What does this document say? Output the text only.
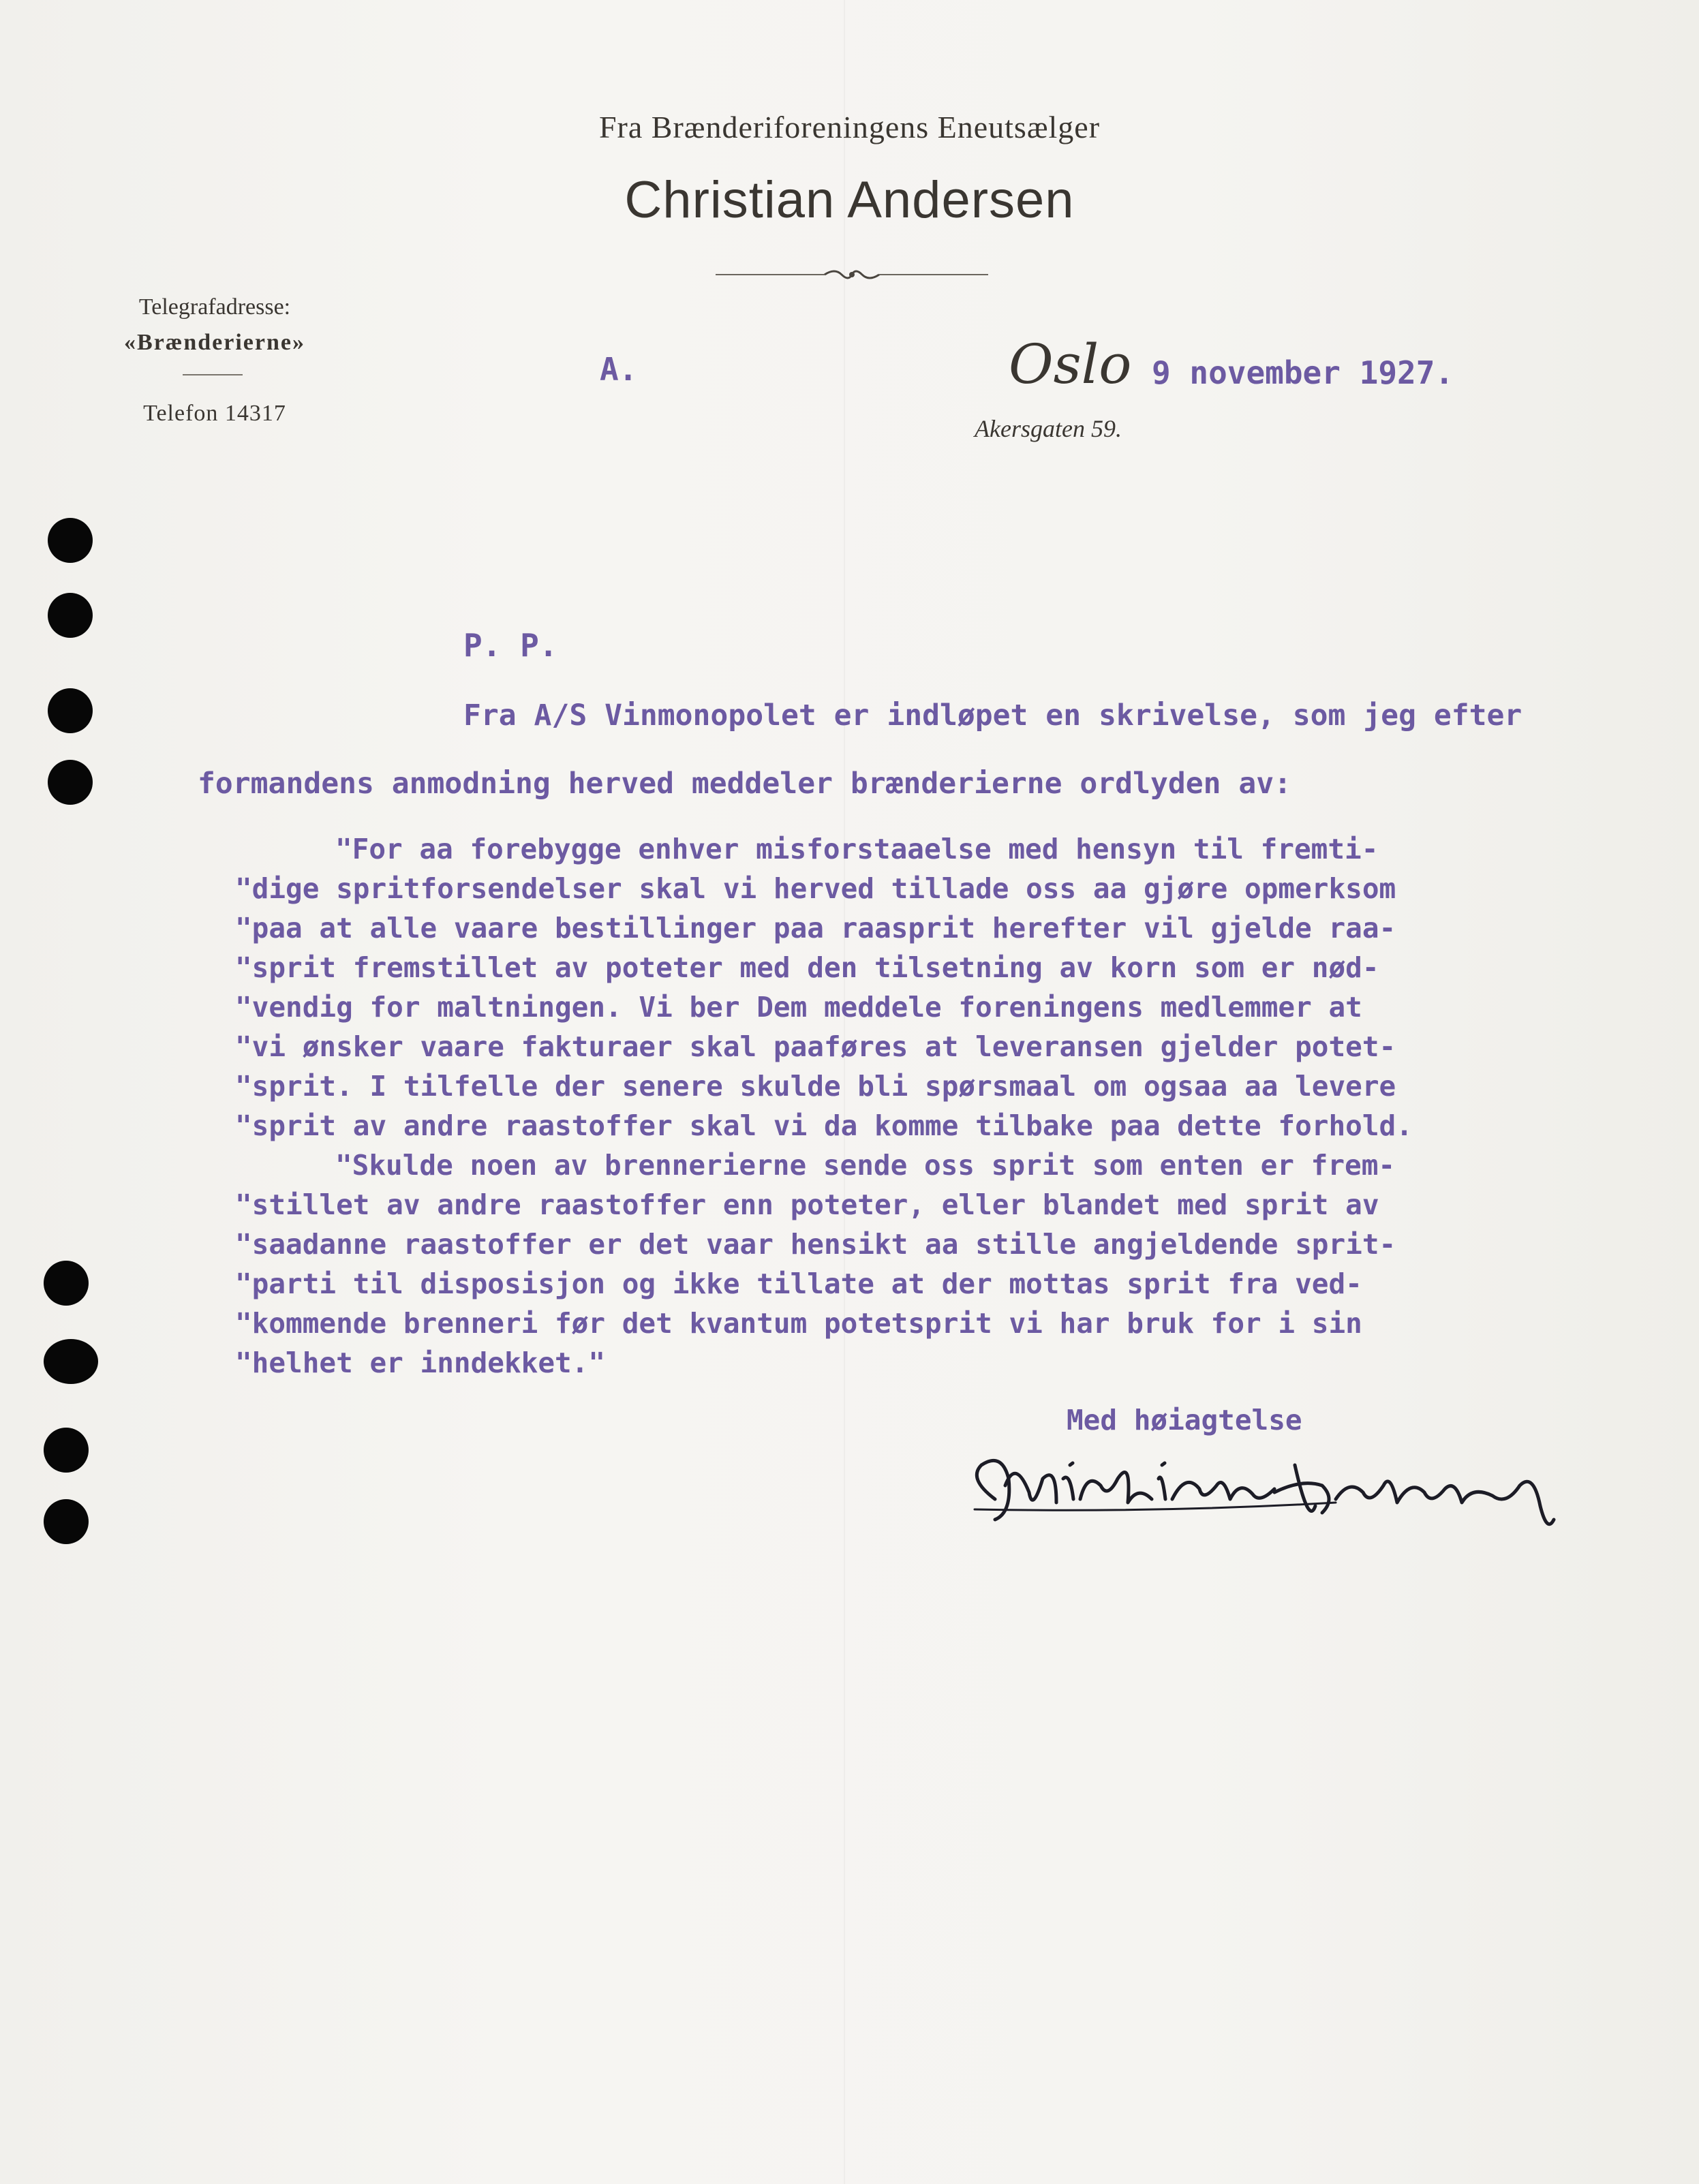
Fra Brænderiforeningens Eneutsælger
Christian Andersen
Telegrafadresse:
«Brænderierne»
Telefon 14317
A.	Oslo 9 november 1927.
Akersgaten 59.
P. P.
Fra A/S Vinmonopolet er indløpet en skrivelse, som jeg efter
formandens anmodning herved meddeler brænderierne ordlyden av:
"For aa forebygge enhver misforstaaelse med hensyn til fremti-
"dige spritforsendelser skal vi herved tillade oss aa gjøre opmerksom
"paa at alle vaare bestillinger paa raasprit herefter vil gjelde raa-
"sprit fremstillet av poteter med den tilsetning av korn som er nød-
"vendig for maltningen. Vi ber Dem meddele foreningens medlemmer at
"vi ønsker vaare fakturaer skal paaføres at leveransen gjelder potet-
"sprit. I tilfelle der senere skulde bli spørsmaal om ogsaa aa levere
"sprit av andre raastoffer skal vi da komme tilbake paa dette forhold.
"Skulde noen av brennerierne sende oss sprit som enten er frem-
"stillet av andre raastoffer enn poteter, eller blandet med sprit av
"saadanne raastoffer er det vaar hensikt aa stille angjeldende sprit-
"parti til disposisjon og ikke tillate at der mottas sprit fra ved-
"kommende brenneri før det kvantum potetsprit vi har bruk for i sin
"helhet er inndekket."
Med høiagtelse
